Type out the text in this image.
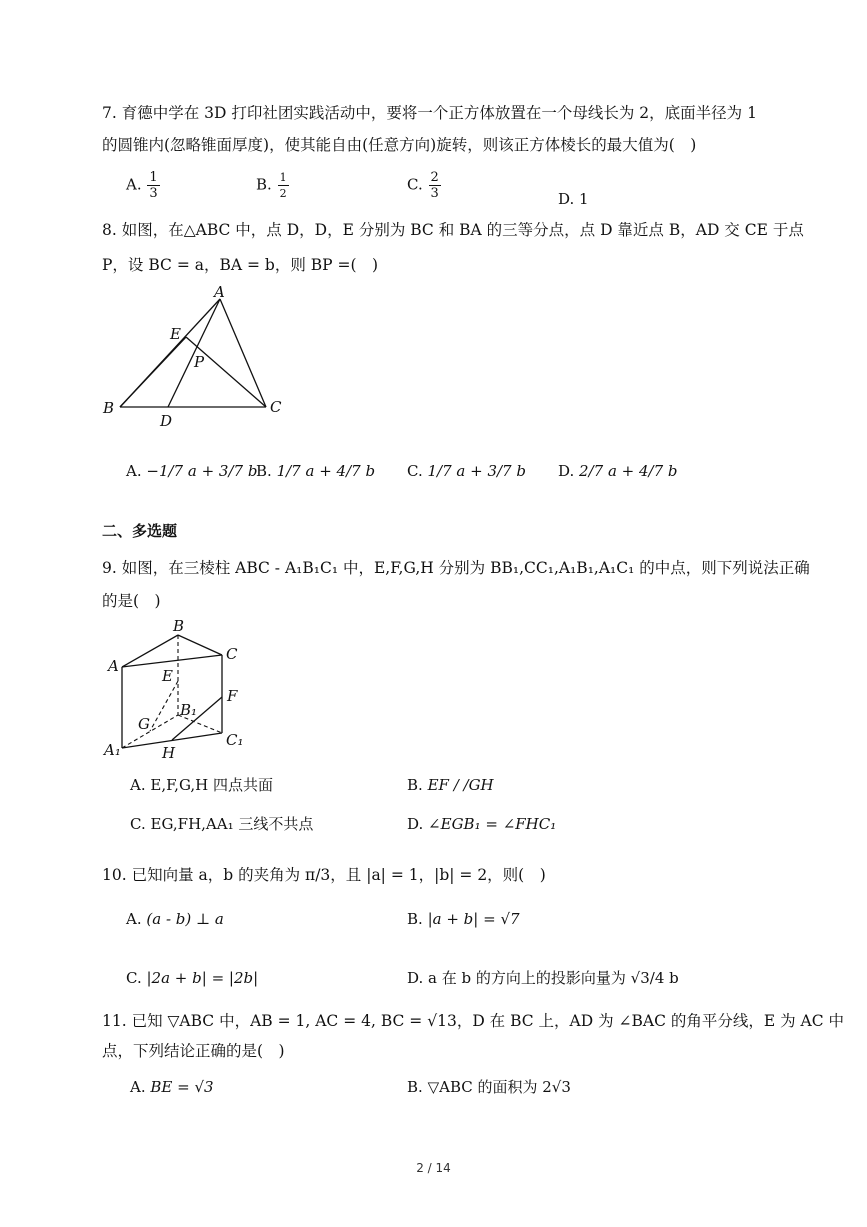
7. 育德中学在 3D 打印社团实践活动中，要将一个正方体放置在一个母线长为 2，底面半径为 1
的圆锥内(忽略锥面厚度)，使其能自由(任意方向)旋转，则该正方体棱长的最大值为(　)
A. $\frac{1}{3}$	B. $\frac{1}{2}$	C. $\frac{2}{3}$	D. 1
8. 如图，在△ABC 中，点 D，D，E 分别为 BC 和 BA 的三等分点，点 D 靠近点 B，AD 交 CE 于点
P，设 BC = a，BA = b，则 BP =(　)
A
B	C
D
E
P
A. −1/7 a + 3/7 b
B. 1/7 a + 4/7 b C. 1/7 a + 3/7 b D. 2/7 a + 4/7 b
二、多选题
9. 如图，在三棱柱 ABC - A₁B₁C₁ 中，E,F,G,H 分别为 BB₁,CC₁,A₁B₁,A₁C₁ 的中点，则下列说法正确
的是(　)
B
A
C
E
F
B₁
G
C₁
A₁	H
A. E,F,G,H 四点共面	B. EF / /GH
C. EG,FH,AA₁ 三线不共点	D. ∠EGB₁ = ∠FHC₁
10. 已知向量 a，b 的夹角为 π/3，且 |a| = 1，|b| = 2，则(　)
A. (a - b) ⊥ a	B. |a + b| = √7
C. |2a + b| = |2b|	D. a 在 b 的方向上的投影向量为 √3/4 b
11. 已知 ▽ABC 中，AB = 1, AC = 4, BC = √13，D 在 BC 上，AD 为 ∠BAC 的角平分线，E 为 AC 中
点，下列结论正确的是(　)
A. BE = √3	B. ▽ABC 的面积为 2√3
2 / 14
